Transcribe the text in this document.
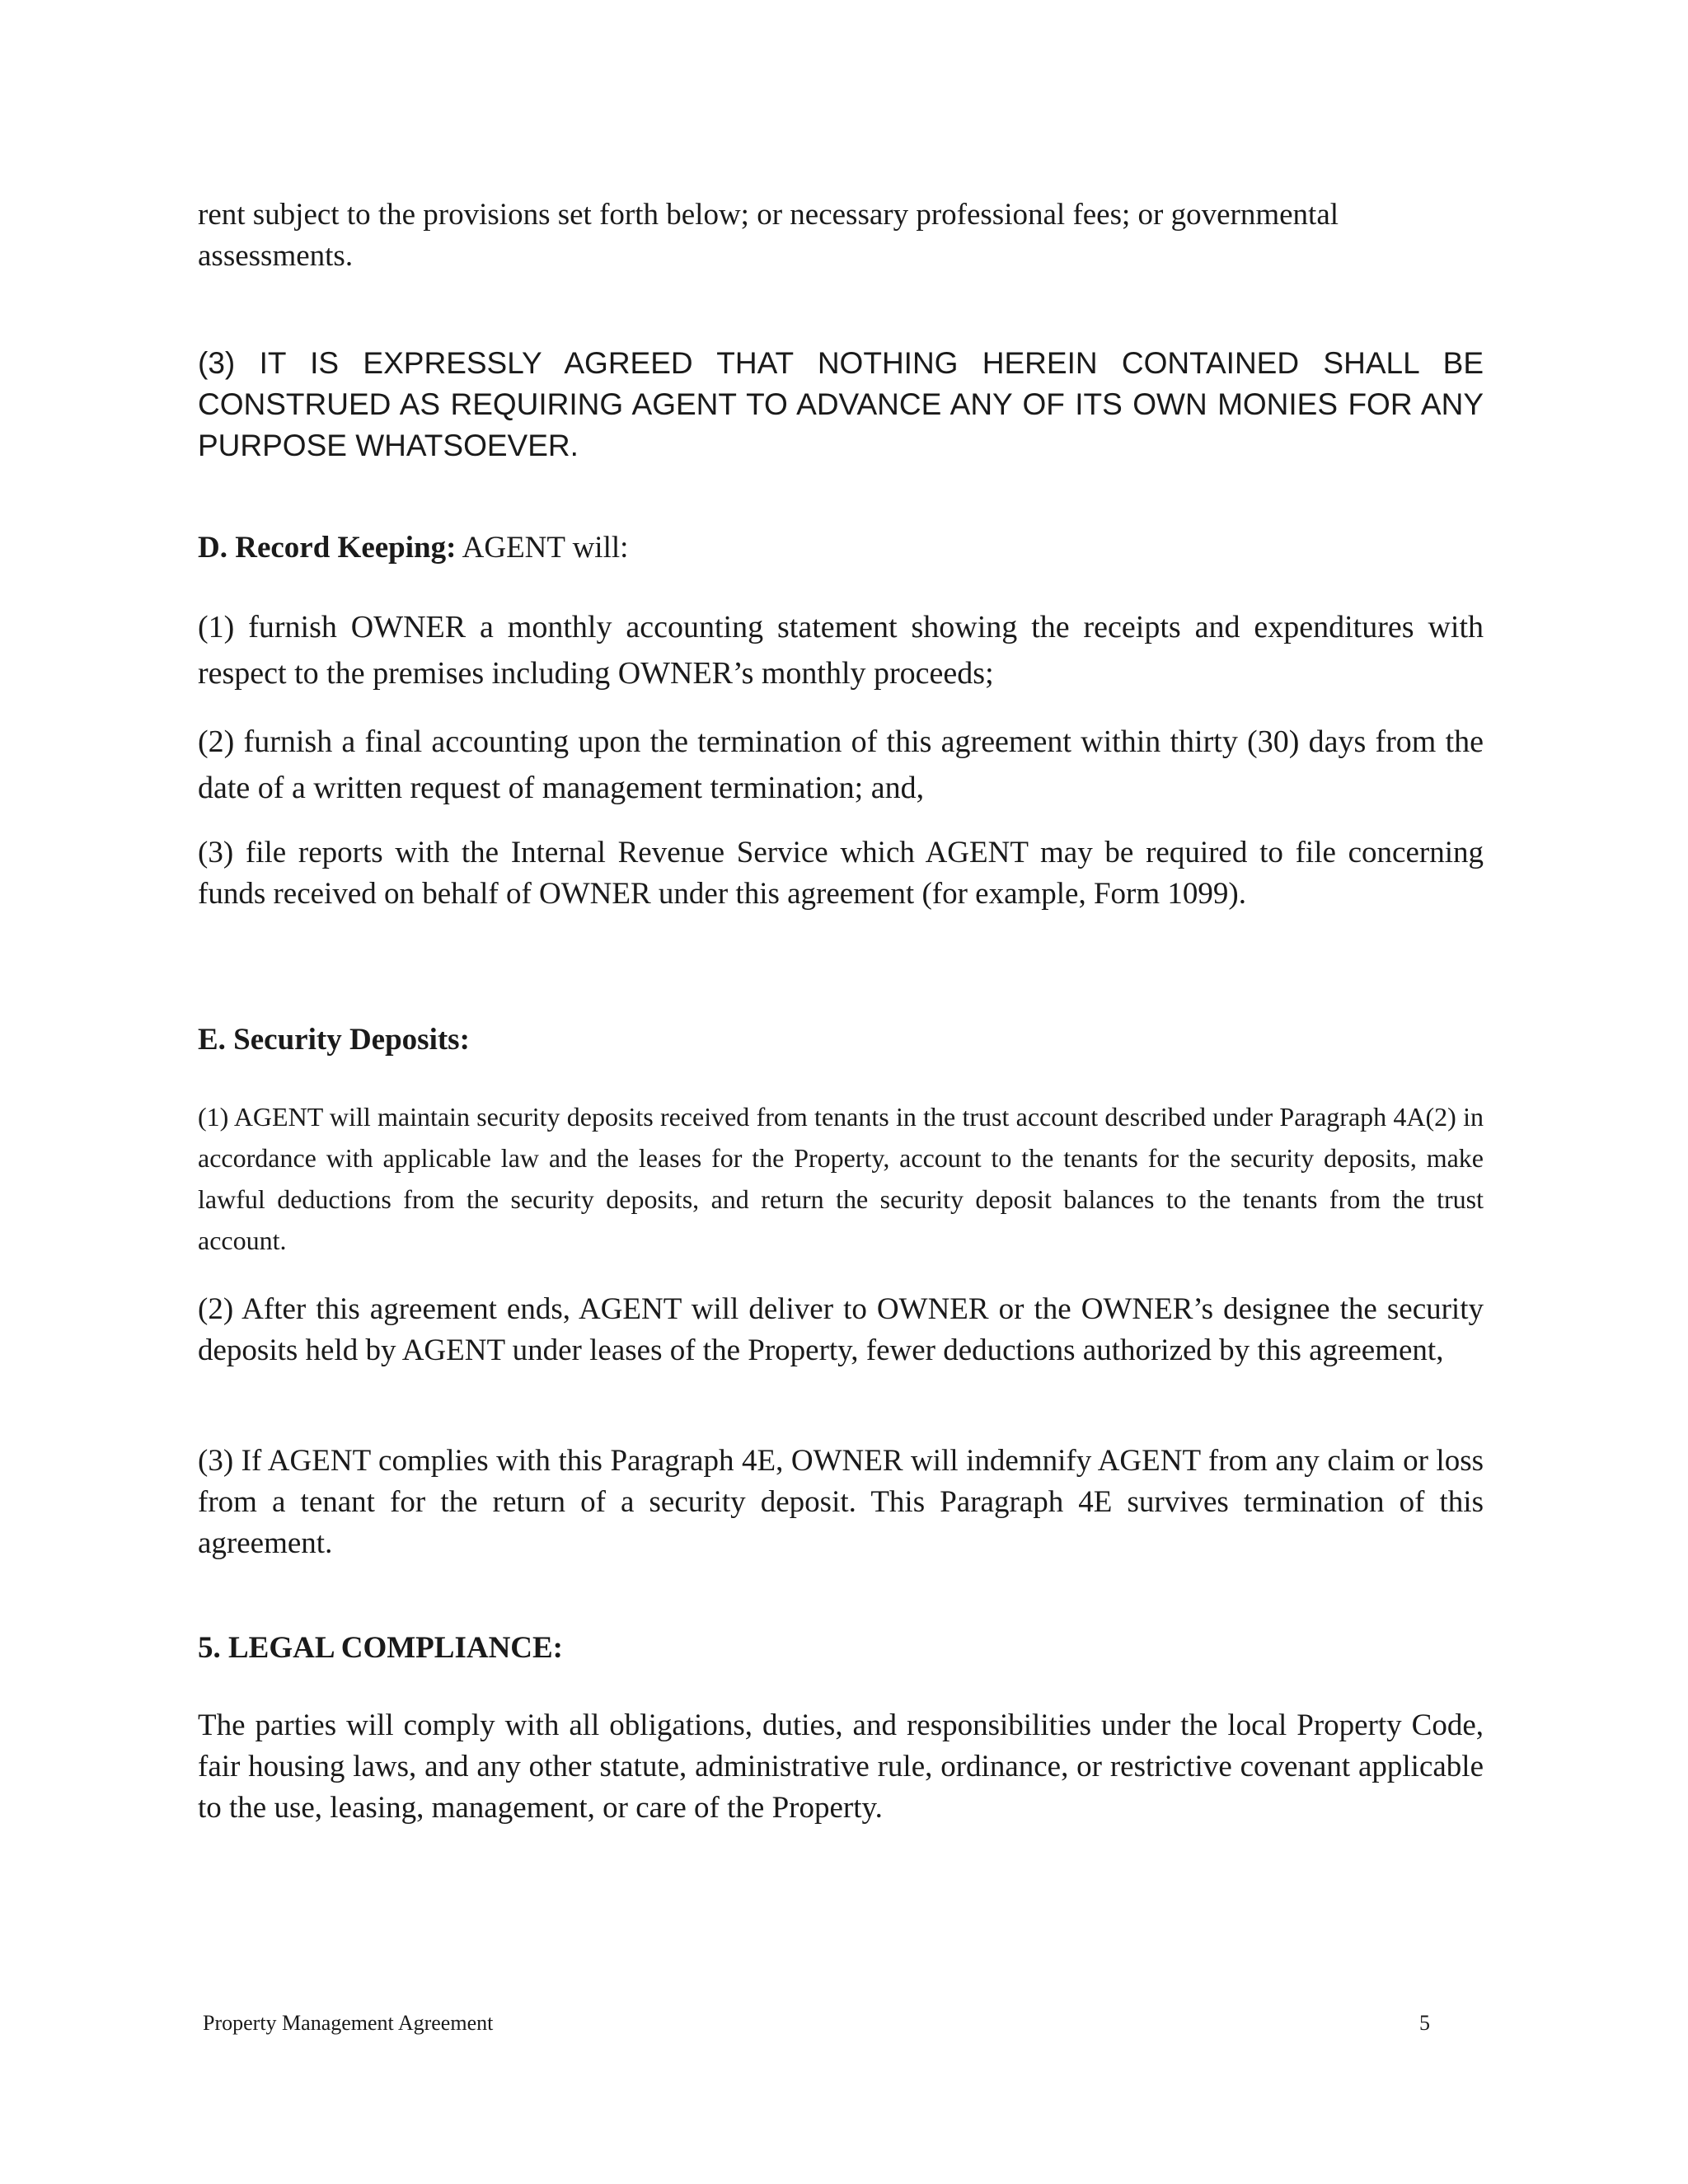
rent subject to the provisions set forth below; or necessary professional fees; or governmental assessments.

(3) IT IS EXPRESSLY AGREED THAT NOTHING HEREIN CONTAINED SHALL BE CONSTRUED AS REQUIRING AGENT TO ADVANCE ANY OF ITS OWN MONIES FOR ANY PURPOSE WHATSOEVER.

D. Record Keeping: AGENT will:

(1) furnish OWNER a monthly accounting statement showing the receipts and expenditures with respect to the premises including OWNER’s monthly proceeds;

(2) furnish a final accounting upon the termination of this agreement within thirty (30) days from the date of a written request of management termination; and,

(3) file reports with the Internal Revenue Service which AGENT may be required to file concerning funds received on behalf of OWNER under this agreement (for example, Form 1099).

E. Security Deposits:

(1) AGENT will maintain security deposits received from tenants in the trust account described under Paragraph 4A(2) in accordance with applicable law and the leases for the Property, account to the tenants for the security deposits, make lawful deductions from the security deposits, and return the security deposit balances to the tenants from the trust account.

(2) After this agreement ends, AGENT will deliver to OWNER or the OWNER’s designee the security deposits held by AGENT under leases of the Property, fewer deductions authorized by this agreement,

(3) If AGENT complies with this Paragraph 4E, OWNER will indemnify AGENT from any claim or loss from a tenant for the return of a security deposit. This Paragraph 4E survives termination of this agreement.

5. LEGAL COMPLIANCE:

The parties will comply with all obligations, duties, and responsibilities under the local Property Code, fair housing laws, and any other statute, administrative rule, ordinance, or restrictive covenant applicable to the use, leasing, management, or care of the Property.

Property Management Agreement	5
